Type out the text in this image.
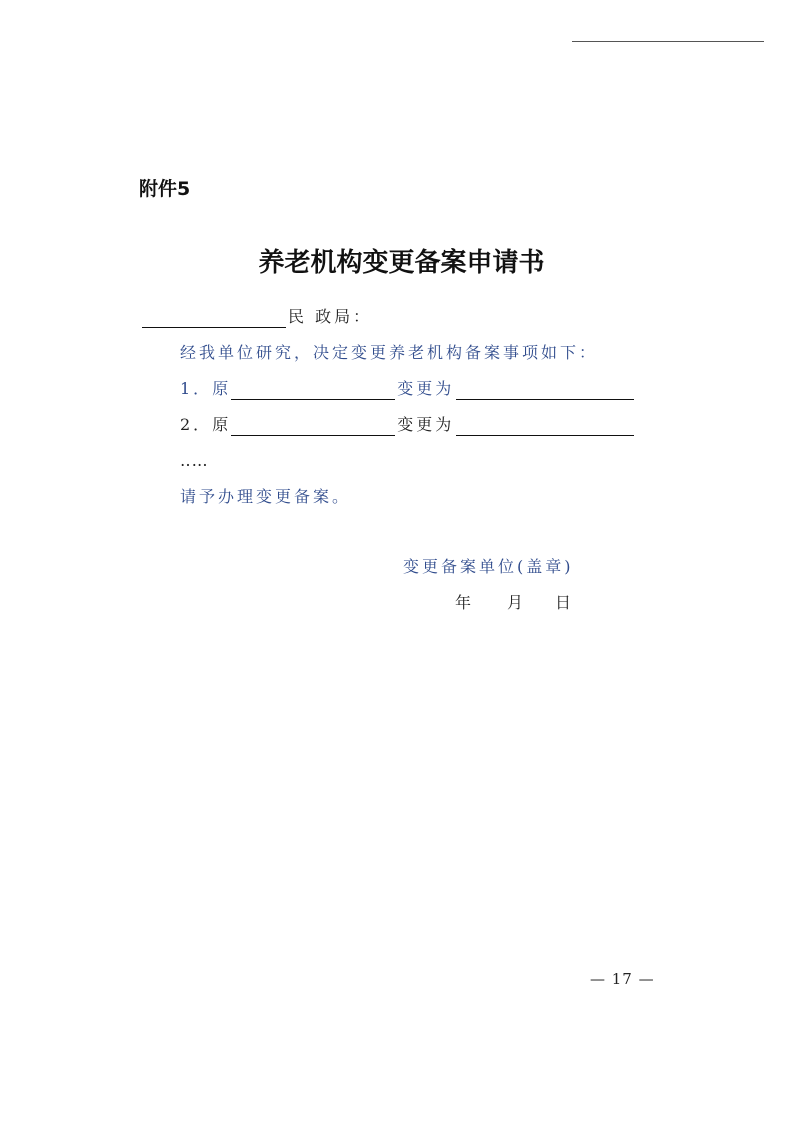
附件5
养老机构变更备案申请书
民 政局：
经我单位研究，决定变更养老机构备案事项如下：
1． 原	变更为
2． 原	变更为
‥…
请予办理变更备案。
变更备案单位(盖章)
年 月 日
— 17 —
